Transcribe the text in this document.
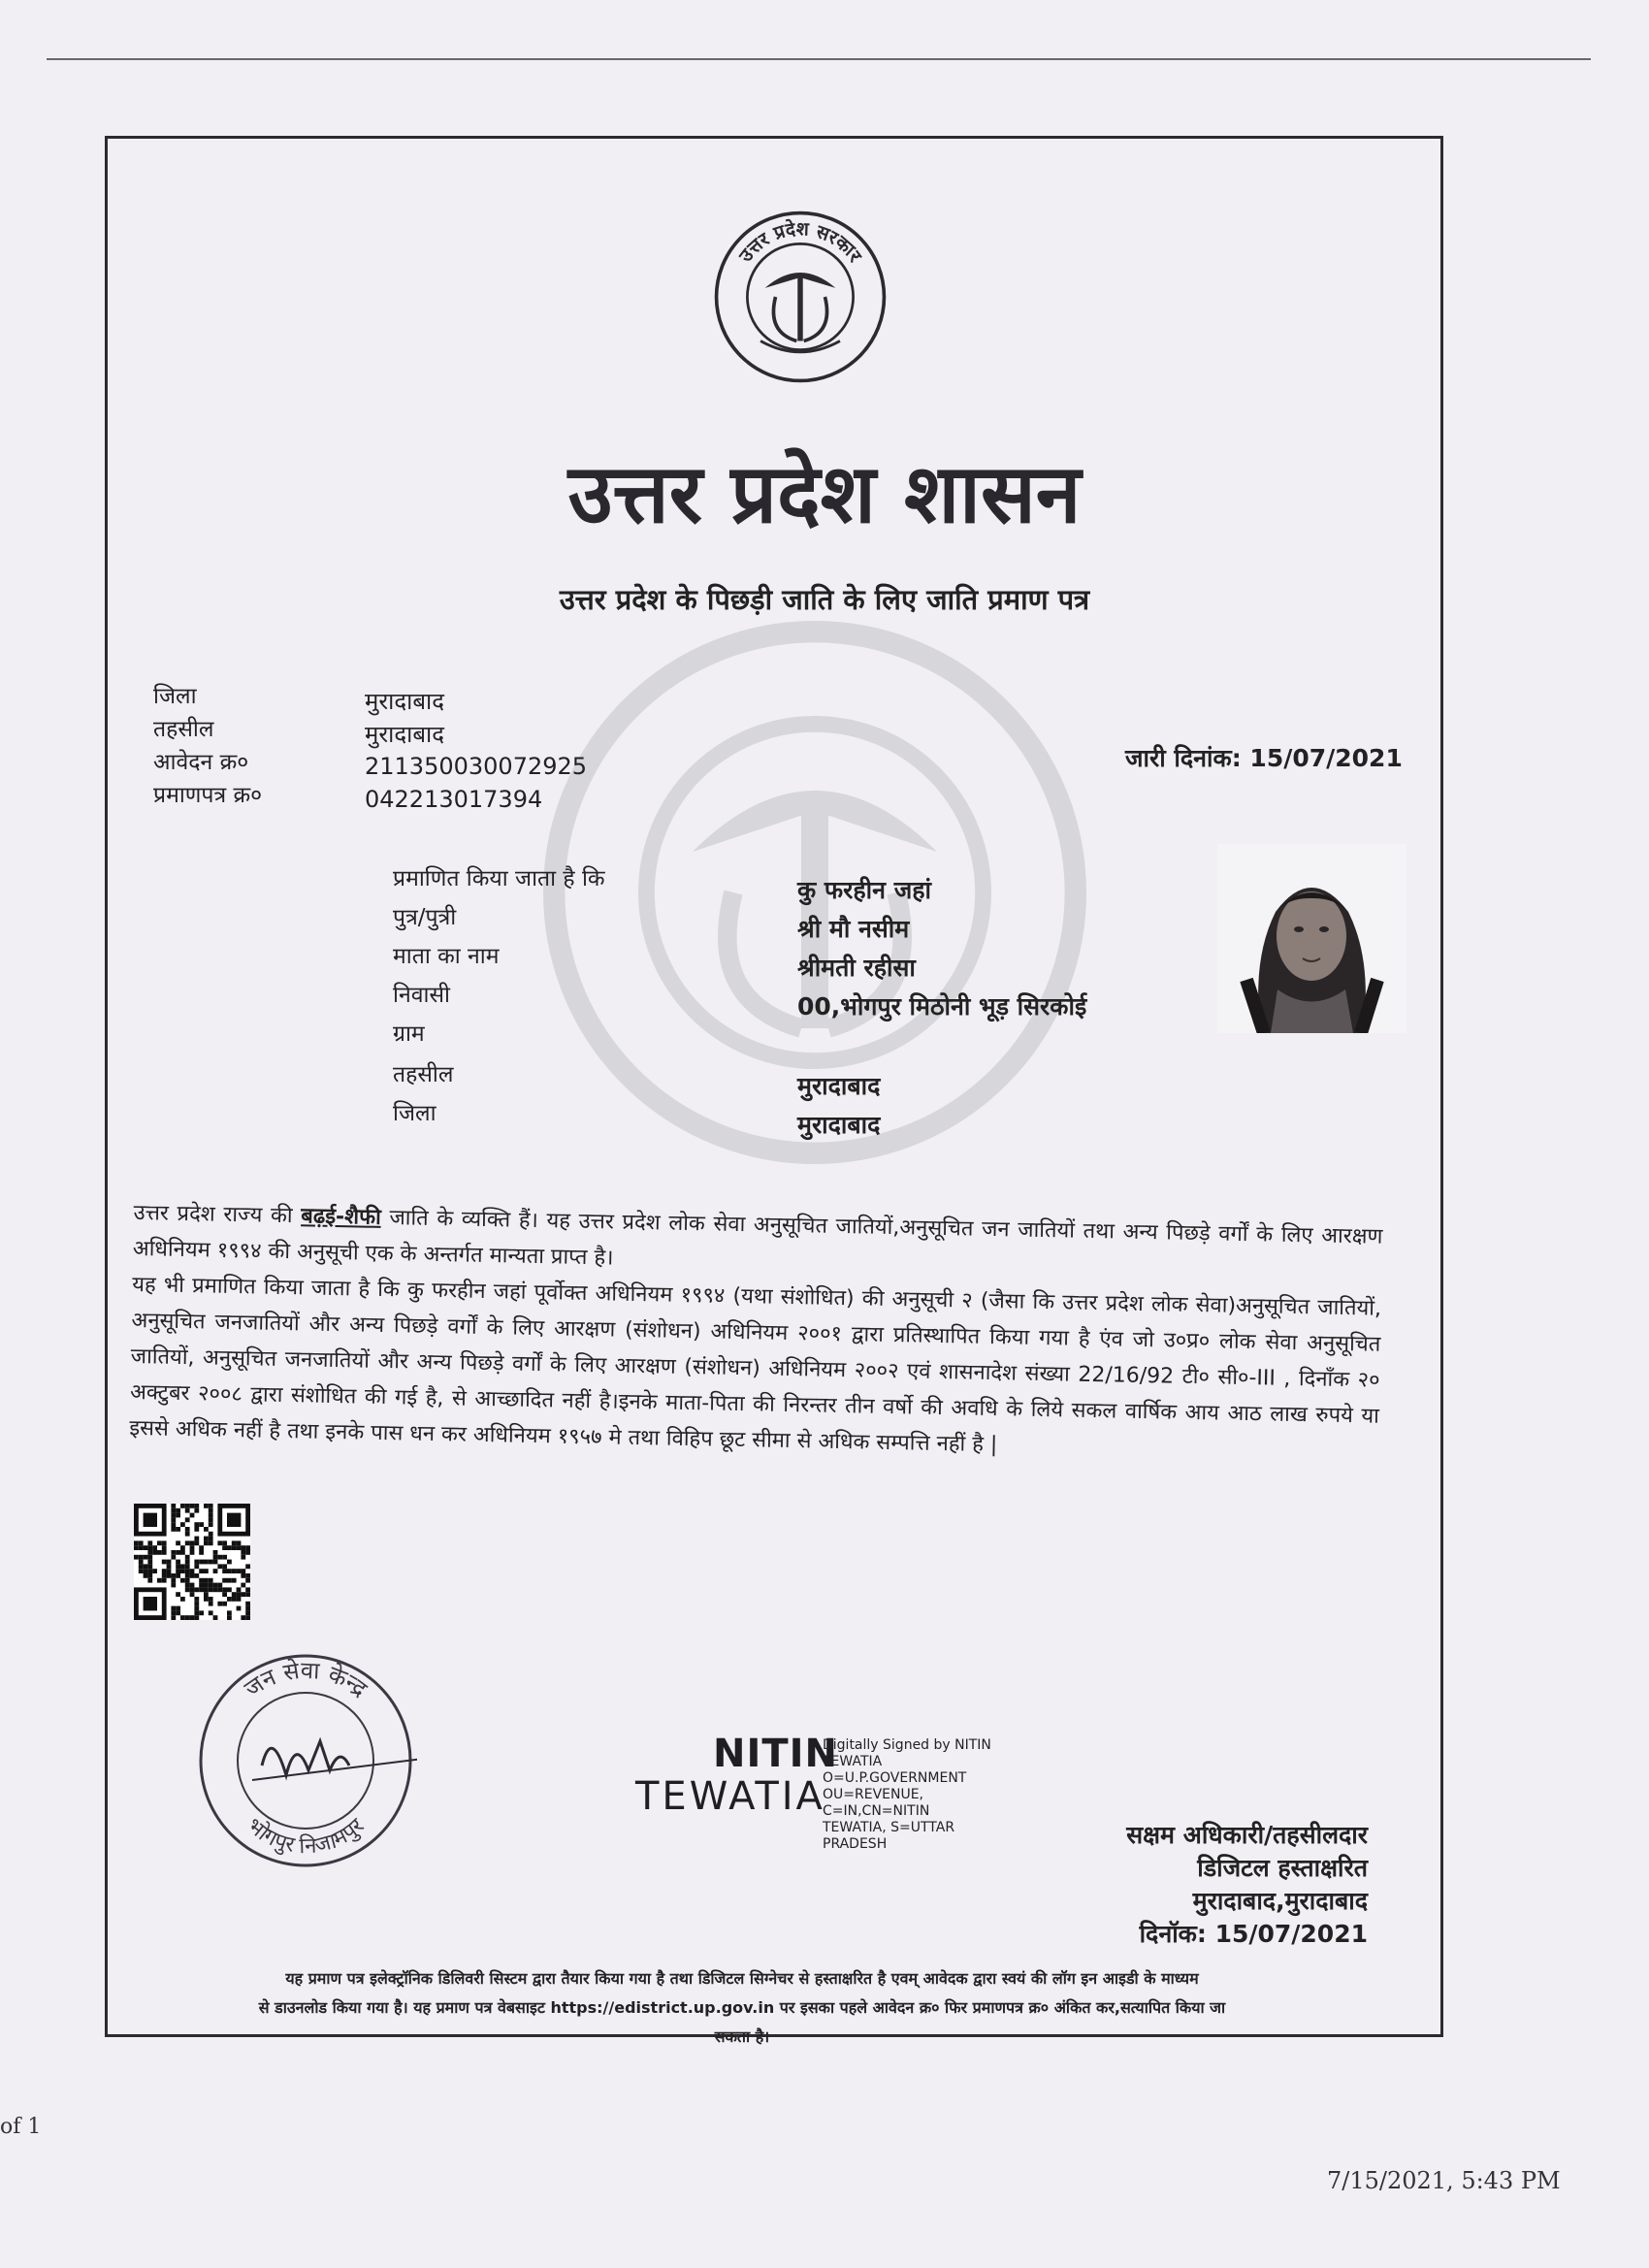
उत्तर प्रदेश सरकार
उत्तर प्रदेश शासन
उत्तर प्रदेश के पिछड़ी जाति के लिए जाति प्रमाण पत्र
जिला	मुरादाबाद
तहसील	मुरादाबाद
आवेदन क्र०	211350030072925
प्रमाणपत्र क्र०	042213017394
जारी दिनांक: 15/07/2021
प्रमाणित किया जाता है कि	कु फरहीन जहां
पुत्र/पुत्री	श्री मौ नसीम
माता का नाम	श्रीमती रहीसा
निवासी	00,भोगपुर मिठोनी भूड़ सिरकोई
ग्राम
तहसील	मुरादाबाद
जिला	मुरादाबाद
उत्तर प्रदेश राज्य की बढ़ई-शैफी जाति के व्यक्ति हैं। यह उत्तर प्रदेश लोक सेवा अनुसूचित जातियों,अनुसूचित जन जातियों तथा अन्य पिछड़े वर्गों के लिए आरक्षण अधिनियम १९९४ की अनुसूची एक के अन्तर्गत मान्यता प्राप्त है।
यह भी प्रमाणित किया जाता है कि कु फरहीन जहां पूर्वोक्त अधिनियम १९९४ (यथा संशोधित) की अनुसूची २ (जैसा कि उत्तर प्रदेश लोक सेवा)अनुसूचित जातियों, अनुसूचित जनजातियों और अन्य पिछड़े वर्गों के लिए आरक्षण (संशोधन) अधिनियम २००१ द्वारा प्रतिस्थापित किया गया है एंव जो उ०प्र० लोक सेवा अनुसूचित जातियों, अनुसूचित जनजातियों और अन्य पिछड़े वर्गों के लिए आरक्षण (संशोधन) अधिनियम २००२ एवं शासनादेश संख्या 22/16/92 टी० सी०-III , दिनाँक २० अक्टुबर २००८ द्वारा संशोधित की गई है, से आच्छादित नहीं है।इनके माता-पिता की निरन्तर तीन वर्षो की अवधि के लिये सकल वार्षिक आय आठ लाख रुपये या इससे अधिक नहीं है तथा इनके पास धन कर अधिनियम १९५७ मे तथा विहिप छूट सीमा से अधिक सम्पत्ति नहीं है |
जन सेवा केन्द्र
भोगपुर निजामपुर
NITIN
TEWATIA
Digitally Signed by NITIN
TEWATIA
O=U.P.GOVERNMENT
OU=REVENUE,
C=IN,CN=NITIN
TEWATIA, S=UTTAR
PRADESH	सक्षम अधिकारी/तहसीलदार
डिजिटल हस्ताक्षरित
मुरादाबाद,मुरादाबाद
दिनॉक: 15/07/2021
यह प्रमाण पत्र इलेक्ट्रॉनिक डिलिवरी सिस्टम द्वारा तैयार किया गया है तथा डिजिटल सिग्नेचर से हस्ताक्षरित है एवम् आवेदक द्वारा स्वयं की लॉग इन आइडी के माध्यम
से डाउनलोड किया गया है। यह प्रमाण पत्र वेबसाइट https://edistrict.up.gov.in पर इसका पहले आवेदन क्र० फिर प्रमाणपत्र क्र० अंकित कर,सत्यापित किया जा
सकता है।
of 1
7/15/2021, 5:43 PM
